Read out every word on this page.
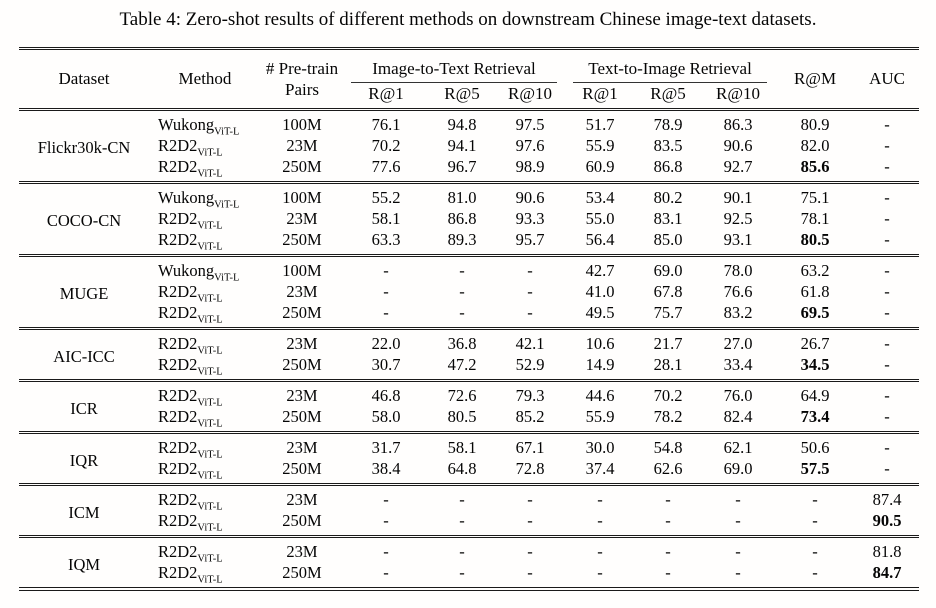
Table 4: Zero-shot results of different methods on downstream Chinese image-text datasets.
Dataset	Method	# Pre-train
Pairs	Image-to-Text Retrieval			Text-to-Image Retrieval			R@M	AUC
			R@1	R@5	R@10	R@1	R@5	R@10		
Flickr30k-CN	Wukong$_{ViT-L}$	100M	76.1	94.8	97.5	51.7	78.9	86.3	80.9	-
	$R2D2_{ViT-L}$	23M	70.2	94.1	97.6	55.9	83.5	90.6	82.0	-
	$R2D2_{ViT-L}$	250M	77.6	96.7	98.9	60.9	86.8	92.7	85.6	-
COCO-CN	Wukong$_{ViT-L}$	100M	55.2	81.0	90.6	53.4	80.2	90.1	75.1	-
	$R2D2_{ViT-L}$	23M	58.1	86.8	93.3	55.0	83.1	92.5	78.1	-
	$R2D2_{ViT-L}$	250M	63.3	89.3	95.7	56.4	85.0	93.1	80.5	-
MUGE	Wukong$_{ViT-L}$	100M	-	-	-	42.7	69.0	78.0	63.2	-
	$R2D2_{ViT-L}$	23M	-	-	-	41.0	67.8	76.6	61.8	-
	$R2D2_{ViT-L}$	250M	-	-	-	49.5	75.7	83.2	69.5	-
AIC-ICC	$R2D2_{ViT-L}$	23M	22.0	36.8	42.1	10.6	21.7	27.0	26.7	-
	$R2D2_{ViT-L}$	250M	30.7	47.2	52.9	14.9	28.1	33.4	34.5	-
ICR	$R2D2_{ViT-L}$	23M	46.8	72.6	79.3	44.6	70.2	76.0	64.9	-
	$R2D2_{ViT-L}$	250M	58.0	80.5	85.2	55.9	78.2	82.4	73.4	-
IQR	$R2D2_{ViT-L}$	23M	31.7	58.1	67.1	30.0	54.8	62.1	50.6	-
	$R2D2_{ViT-L}$	250M	38.4	64.8	72.8	37.4	62.6	69.0	57.5	-
ICM	$R2D2_{ViT-L}$	23M	-	-	-	-	-	-	-	87.4
	$R2D2_{ViT-L}$	250M	-	-	-	-	-	-	-	90.5
IQM	$R2D2_{ViT-L}$	23M	-	-	-	-	-	-	-	81.8
	$R2D2_{ViT-L}$	250M	-	-	-	-	-	-	-	84.7
